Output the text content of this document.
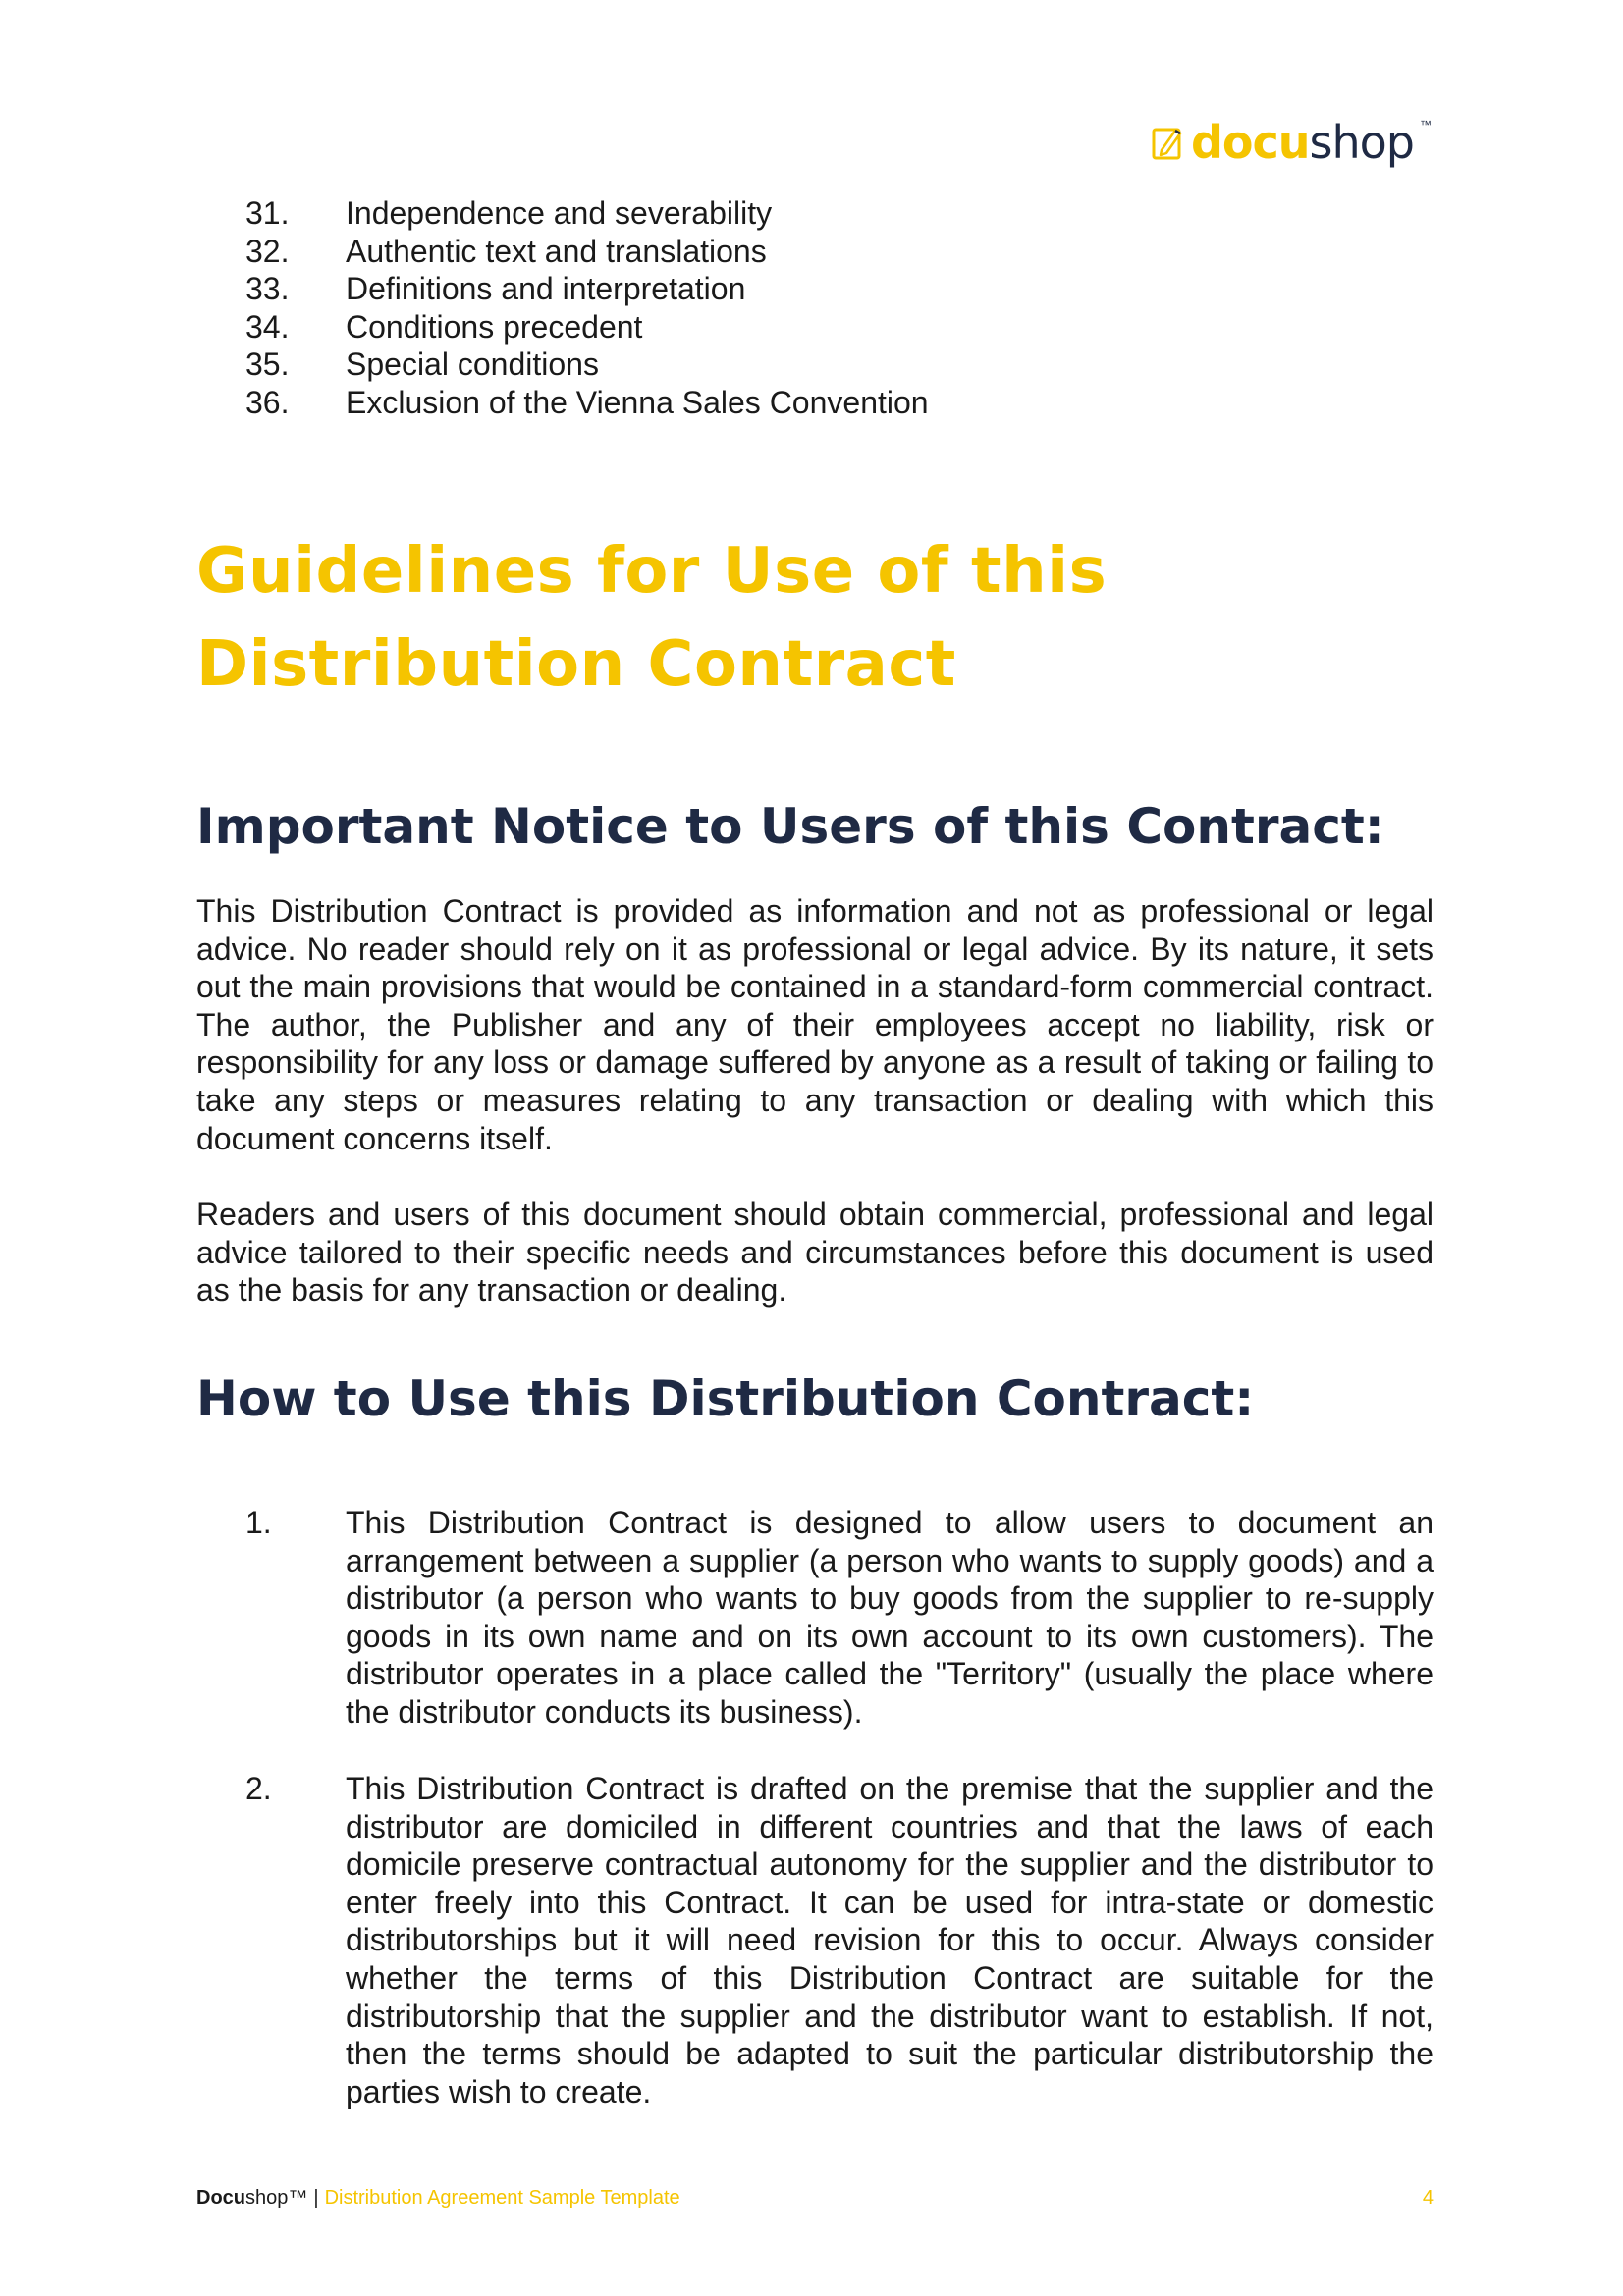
docushop ™
31.	Independence and severability
32.	Authentic text and translations
33.	Definitions and interpretation
34.	Conditions precedent
35.	Special conditions
36.	Exclusion of the Vienna Sales Convention
Guidelines for Use of this
Distribution Contract
Important Notice to Users of this Contract:
This Distribution Contract is provided as information and not as professional or legal advice. No reader should rely on it as professional or legal advice. By its nature, it sets out the main provisions that would be contained in a standard-form commercial contract. The author, the Publisher and any of their employees accept no liability, risk or responsibility for any loss or damage suffered by anyone as a result of taking or failing to take any steps or measures relating to any transaction or dealing with which this document concerns itself.
Readers and users of this document should obtain commercial, professional and legal advice tailored to their specific needs and circumstances before this document is used as the basis for any transaction or dealing.
How to Use this Distribution Contract:
1.	This Distribution Contract is designed to allow users to document an arrangement between a supplier (a person who wants to supply goods) and a distributor (a person who wants to buy goods from the supplier to re-supply goods in its own name and on its own account to its own customers). The distributor operates in a place called the "Territory" (usually the place where the distributor conducts its business).
2.	This Distribution Contract is drafted on the premise that the supplier and the distributor are domiciled in different countries and that the laws of each domicile preserve contractual autonomy for the supplier and the distributor to enter freely into this Contract. It can be used for intra-state or domestic distributorships but it will need revision for this to occur. Always consider whether the terms of this Distribution Contract are suitable for the distributorship that the supplier and the distributor want to establish. If not, then the terms should be adapted to suit the particular distributorship the parties wish to create.
Docu shop™ | Distribution Agreement Sample Template	4
